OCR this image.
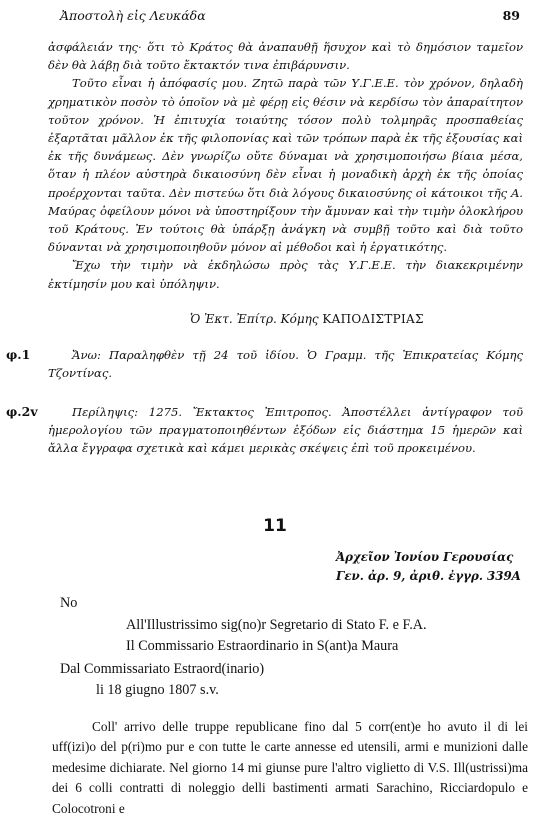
Ἀποστολὴ εἰς Λευκάδα	89

ἀσφάλειάν της· ὅτι τὸ Κράτος θὰ ἀναπαυθῇ ἥσυχον καὶ τὸ δημόσιον ταμεῖον δὲν θὰ λάβῃ διὰ τοῦτο ἔκτακτόν τινα ἐπιβάρυνσιν.

Τοῦτο εἶναι ἡ ἀπόφασίς μου. Ζητῶ παρὰ τῶν Υ.Γ.Ε.Ε. τὸν χρόνον, δηλαδὴ χρηματικὸν ποσὸν τὸ ὁποῖον νὰ μὲ φέρῃ εἰς θέσιν νὰ κερδίσω τὸν ἀπαραίτητον τοῦτον χρόνον. Ἡ ἐπιτυχία τοιαύτης τόσον πολὺ τολμηρᾶς προσπαθείας ἐξαρτᾶται μᾶλλον ἐκ τῆς φιλοπονίας καὶ τῶν τρόπων παρὰ ἐκ τῆς ἐξουσίας καὶ ἐκ τῆς δυνάμεως. Δὲν γνωρίζω οὔτε δύναμαι νὰ χρησιμοποιήσω βίαια μέσα, ὅταν ἡ πλέον αὐστηρὰ δικαιοσύνη δὲν εἶναι ἡ μοναδικὴ ἀρχὴ ἐκ τῆς ὁποίας προέρχονται ταῦτα. Δὲν πιστεύω ὅτι διὰ λόγους δικαιοσύνης οἱ κάτοικοι τῆς Α. Μαύρας ὀφείλουν μόνοι νὰ ὑποστηρίξουν τὴν ἄμυναν καὶ τὴν τιμὴν ὁλοκλήρου τοῦ Κράτους. Ἐν τούτοις θὰ ὑπάρξῃ ἀνάγκη νὰ συμβῇ τοῦτο καὶ διὰ τοῦτο δύνανται νὰ χρησιμοποιηθοῦν μόνον αἱ μέθοδοι καὶ ἡ ἐργατικότης.

Ἔχω τὴν τιμὴν νὰ ἐκδηλώσω πρὸς τὰς Υ.Γ.Ε.Ε. τὴν διακεκριμένην ἐκτίμησίν μου καὶ ὑπόληψιν.

Ὁ Ἐκτ. Ἐπίτρ. Κόμης ΚΑΠΟΔΙΣΤΡΙΑΣ
φ.1	Ἄνω: Παραληφθὲν τῇ 24 τοῦ ἰδίου. Ὁ Γραμμ. τῆς Ἐπικρατείας Κόμης Τζοντίνας.

φ.2v	Περίληψις: 1275. Ἔκτακτος Ἐπιτροπος. Ἀποστέλλει ἀντίγραφον τοῦ ἡμερολογίου τῶν πραγματοποιηθέντων ἐξόδων εἰς διάστημα 15 ἡμερῶν καὶ ἄλλα ἔγγραφα σχετικὰ καὶ κάμει μερικὰς σκέψεις ἐπὶ τοῦ προκειμένου.

11
Ἀρχεῖον Ἰονίου Γερουσίας
Γεν. ἀρ. 9, ἀριθ. ἐγγρ. 339Α
No
All'Illustrissimo sig(no)r Segretario di Stato F. e F.A.
Il Commissario Estraordinario in S(ant)a Maura
Dal Commissariato Estraord(inario)
li 18 giugno 1807 s.v.

Coll' arrivo delle truppe republicane fino dal 5 corr(ent)e ho avuto il di lei uff(izi)o del p(ri)mo pur e con tutte le carte annesse ed utensili, armi e munizioni dalle medesime dichiarate. Nel giorno 14 mi giunse pure l'altro viglietto di V.S. Ill(ustrissi)ma dei 6 colli contratti di noleggio delli bastimenti armati Sarachino, Ricciardopulo e Colocotroni e
